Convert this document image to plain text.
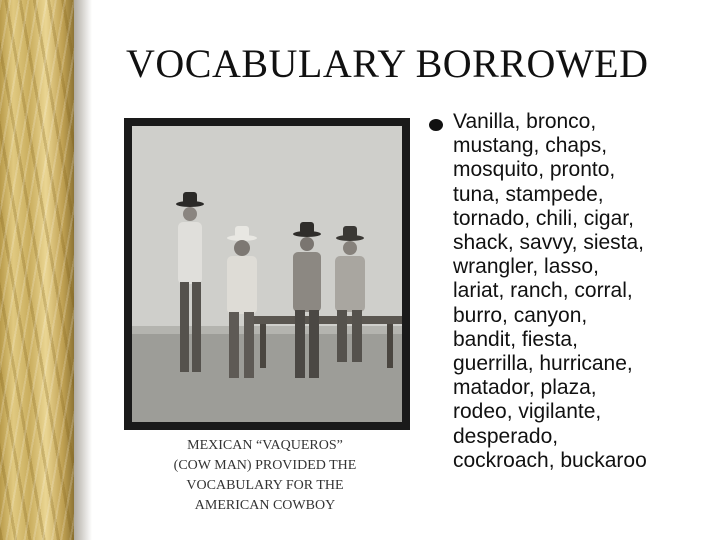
VOCABULARY BORROWED
MEXICAN “VAQUEROS”
(COW MAN) PROVIDED THE
VOCABULARY FOR THE
AMERICAN COWBOY
Vanilla, bronco,
mustang, chaps,
mosquito, pronto,
tuna, stampede,
tornado, chili, cigar,
shack, savvy, siesta,
wrangler, lasso,
lariat, ranch, corral,
burro, canyon,
bandit, fiesta,
guerrilla, hurricane,
matador, plaza,
rodeo, vigilante,
desperado,
cockroach, buckaroo
